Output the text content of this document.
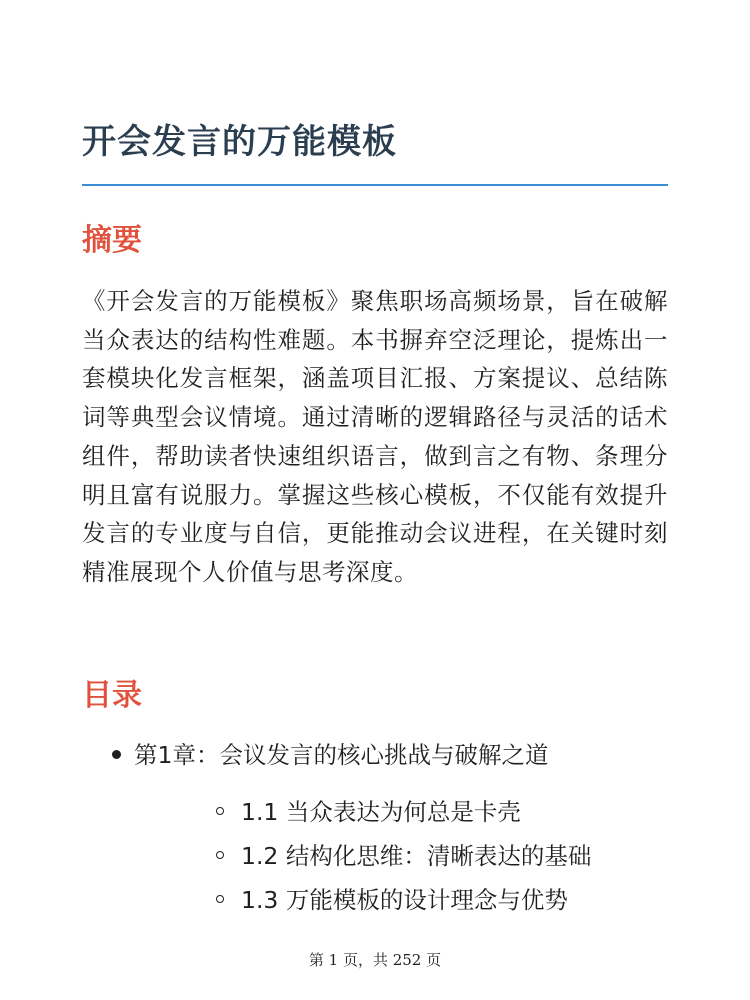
开会发言的万能模板
摘要

《开会发言的万能模板》聚焦职场高频场景，旨在破解当众表达的结构性难题。本书摒弃空泛理论，提炼出一套模块化发言框架，涵盖项目汇报、方案提议、总结陈词等典型会议情境。通过清晰的逻辑路径与灵活的话术组件，帮助读者快速组织语言，做到言之有物、条理分明且富有说服力。掌握这些核心模板，不仅能有效提升发言的专业度与自信，更能推动会议进程，在关键时刻精准展现个人价值与思考深度。

目录
第1章：会议发言的核心挑战与破解之道
1.1 当众表达为何总是卡壳
1.2 结构化思维：清晰表达的基础
1.3 万能模板的设计理念与优势
第 1 页，共 252 页
